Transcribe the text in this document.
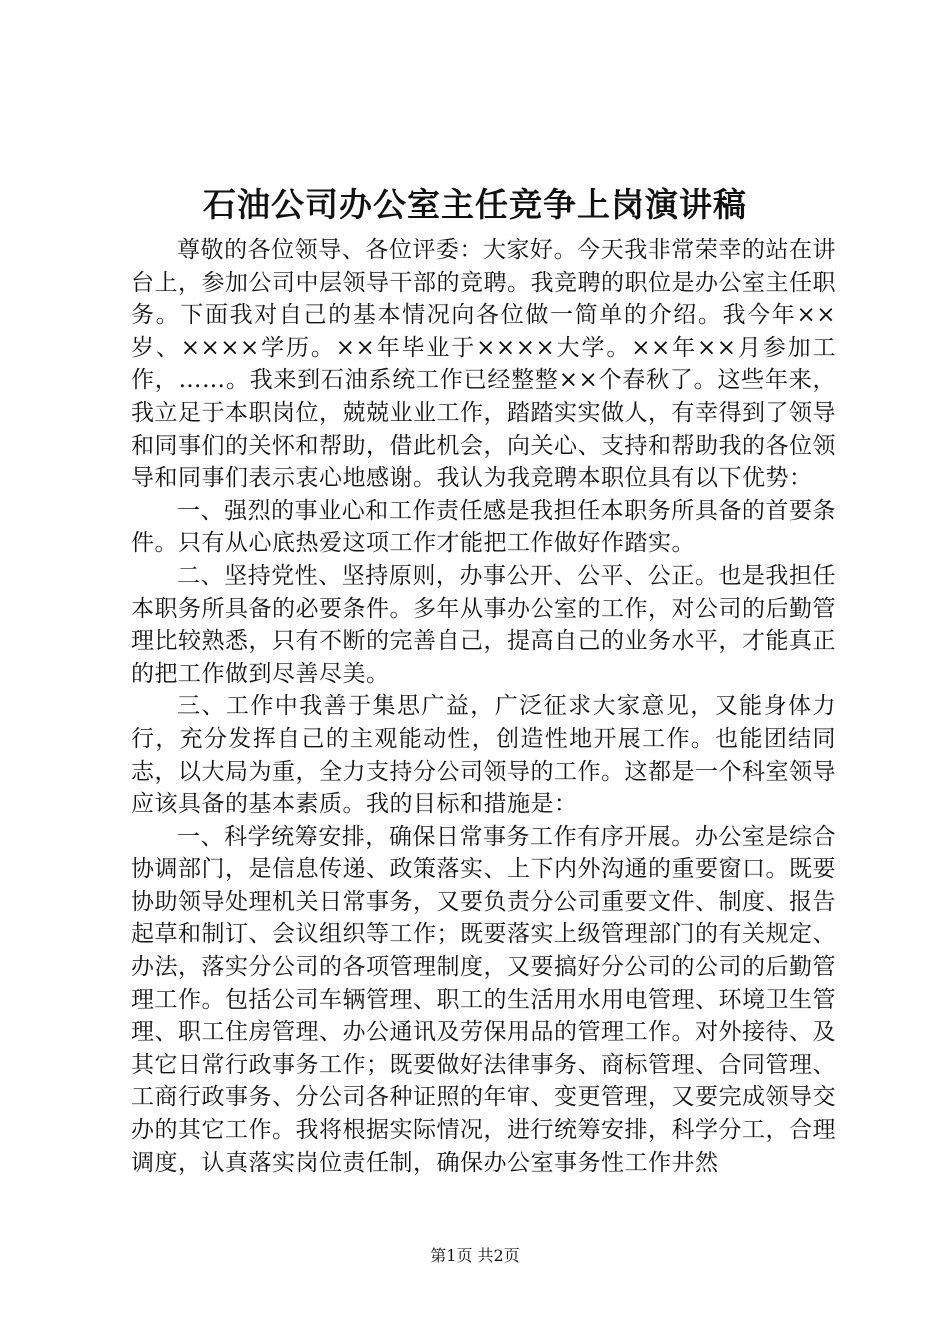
石油公司办公室主任竞争上岗演讲稿

尊敬的各位领导、各位评委：大家好。今天我非常荣幸的站在讲台上，参加公司中层领导干部的竞聘。我竞聘的职位是办公室主任职务。下面我对自己的基本情况向各位做一简单的介绍。我今年××岁、××××学历。××年毕业于××××大学。××年××月参加工作，……。我来到石油系统工作已经整整××个春秋了。这些年来，我立足于本职岗位，兢兢业业工作，踏踏实实做人，有幸得到了领导和同事们的关怀和帮助，借此机会，向关心、支持和帮助我的各位领导和同事们表示衷心地感谢。我认为我竞聘本职位具有以下优势：

一、强烈的事业心和工作责任感是我担任本职务所具备的首要条件。只有从心底热爱这项工作才能把工作做好作踏实。

二、坚持党性、坚持原则，办事公开、公平、公正。也是我担任本职务所具备的必要条件。多年从事办公室的工作，对公司的后勤管理比较熟悉，只有不断的完善自己，提高自己的业务水平，才能真正的把工作做到尽善尽美。

三、工作中我善于集思广益，广泛征求大家意见，又能身体力行，充分发挥自己的主观能动性，创造性地开展工作。也能团结同志，以大局为重，全力支持分公司领导的工作。这都是一个科室领导应该具备的基本素质。我的目标和措施是：

一、科学统筹安排，确保日常事务工作有序开展。办公室是综合协调部门，是信息传递、政策落实、上下内外沟通的重要窗口。既要协助领导处理机关日常事务，又要负责分公司重要文件、制度、报告起草和制订、会议组织等工作；既要落实上级管理部门的有关规定、办法，落实分公司的各项管理制度，又要搞好分公司的公司的后勤管理工作。包括公司车辆管理、职工的生活用水用电管理、环境卫生管理、职工住房管理、办公通讯及劳保用品的管理工作。对外接待、及其它日常行政事务工作；既要做好法律事务、商标管理、合同管理、工商行政事务、分公司各种证照的年审、变更管理，又要完成领导交办的其它工作。我将根据实际情况，进行统筹安排，科学分工，合理调度，认真落实岗位责任制，确保办公室事务性工作井然

第1页 共2页
